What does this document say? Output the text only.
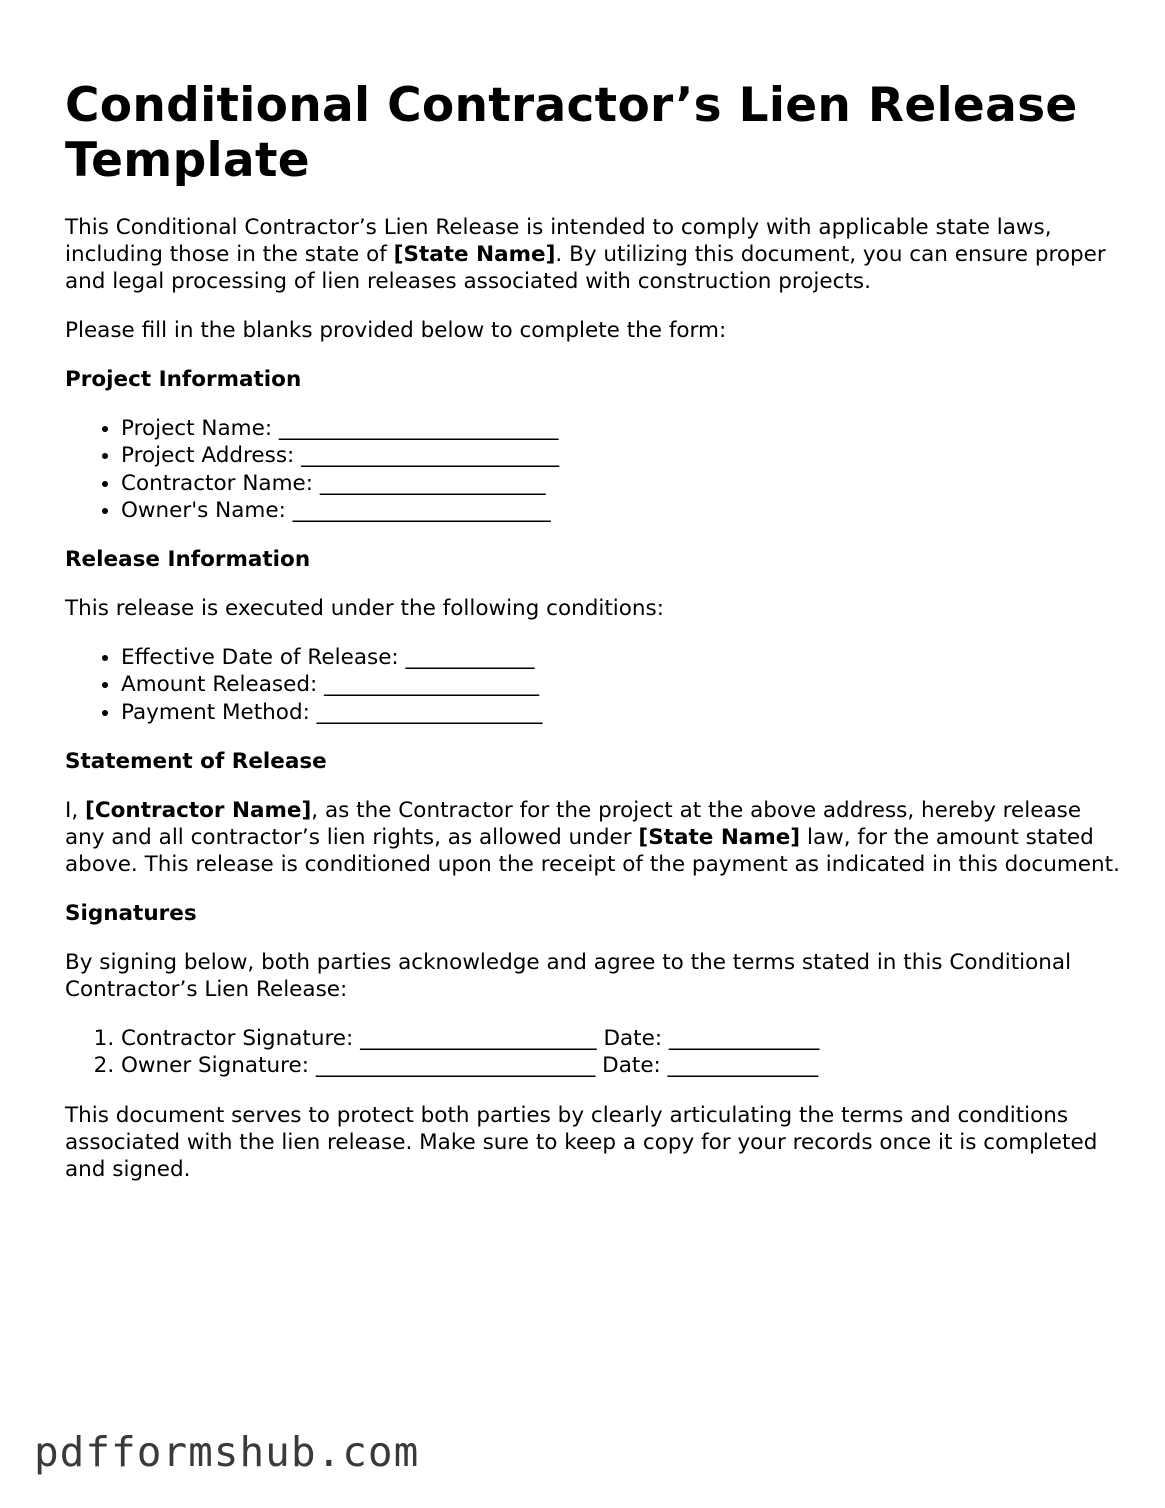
Conditional Contractor’s Lien Release Template

This Conditional Contractor’s Lien Release is intended to comply with applicable state laws, including those in the state of [State Name]. By utilizing this document, you can ensure proper and legal processing of lien releases associated with construction projects.

Please fill in the blanks provided below to complete the form:

Project Information
• Project Name: __________________________
• Project Address: ________________________
• Contractor Name: _____________________
• Owner's Name: ________________________
Release Information

This release is executed under the following conditions:

• Effective Date of Release: ____________
• Amount Released: ____________________
• Payment Method: _____________________
Statement of Release

I, [Contractor Name], as the Contractor for the project at the above address, hereby release any and all contractor’s lien rights, as allowed under [State Name] law, for the amount stated above. This release is conditioned upon the receipt of the payment as indicated in this document.

Signatures

By signing below, both parties acknowledge and agree to the terms stated in this Conditional Contractor’s Lien Release:

1. Contractor Signature: ______________________ Date: ______________
2. Owner Signature: __________________________ Date: ______________

This document serves to protect both parties by clearly articulating the terms and conditions associated with the lien release. Make sure to keep a copy for your records once it is completed and signed.

pdfformshub.com
